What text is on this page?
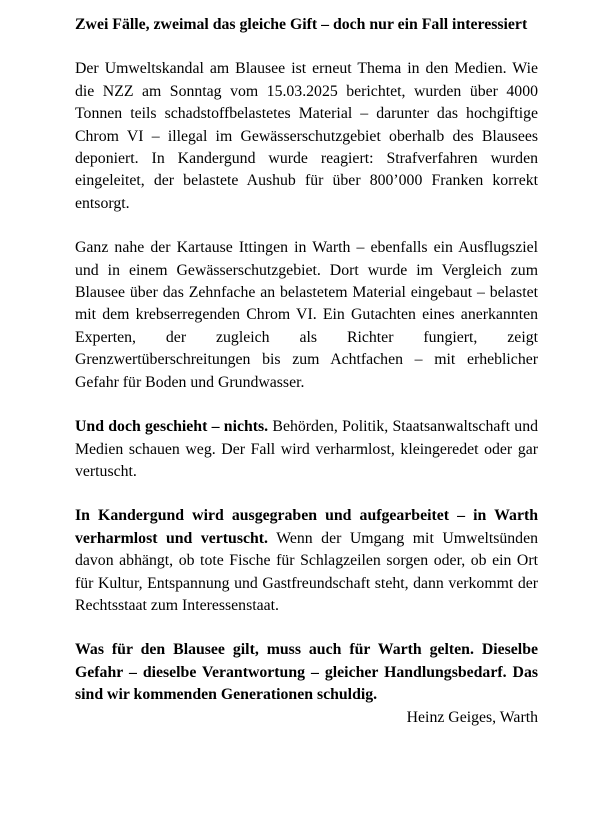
Zwei Fälle, zweimal das gleiche Gift – doch nur ein Fall interessiert

Der Umweltskandal am Blausee ist erneut Thema in den Medien. Wie die NZZ am Sonntag vom 15.03.2025 berichtet, wurden über 4000 Tonnen teils schadstoffbelastetes Material – darunter das hochgiftige Chrom VI – illegal im Gewässerschutzgebiet oberhalb des Blausees deponiert. In Kandergund wurde reagiert: Strafverfahren wurden eingeleitet, der belastete Aushub für über 800’000 Franken korrekt entsorgt.

Ganz nahe der Kartause Ittingen in Warth – ebenfalls ein Ausflugsziel und in einem Gewässerschutzgebiet. Dort wurde im Vergleich zum Blausee über das Zehnfache an belastetem Material eingebaut – belastet mit dem krebserregenden Chrom VI. Ein Gutachten eines anerkannten Experten, der zugleich als Richter fungiert, zeigt Grenzwertüberschreitungen bis zum Achtfachen – mit erheblicher Gefahr für Boden und Grundwasser.

Und doch geschieht – nichts. Behörden, Politik, Staatsanwaltschaft und Medien schauen weg. Der Fall wird verharmlost, kleingeredet oder gar vertuscht.

In Kandergund wird ausgegraben und aufgearbeitet – in Warth verharmlost und vertuscht. Wenn der Umgang mit Umweltsünden davon abhängt, ob tote Fische für Schlagzeilen sorgen oder, ob ein Ort für Kultur, Entspannung und Gastfreundschaft steht, dann verkommt der Rechtsstaat zum Interessenstaat.

Was für den Blausee gilt, muss auch für Warth gelten. Dieselbe Gefahr – dieselbe Verantwortung – gleicher Handlungsbedarf. Das sind wir kommenden Generationen schuldig.

Heinz Geiges, Warth
